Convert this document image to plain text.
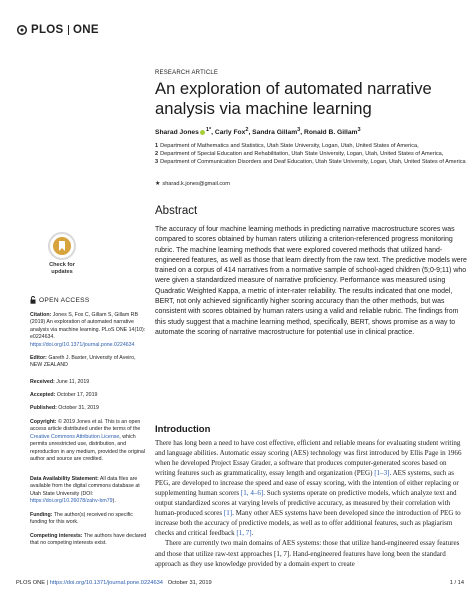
PLOS ONE
RESEARCH ARTICLE
An exploration of automated narrative analysis via machine learning
Sharad Jones $^{1*}$, Carly Fox$^2$, Sandra Gillam$^3$, Ronald B. Gillam$^3$
1 Department of Mathematics and Statistics, Utah State University, Logan, Utah, United States of America,
2 Department of Special Education and Rehabilitation, Utah State University, Logan, Utah, United States of America,
3 Department of Communication Disorders and Deaf Education, Utah State University, Logan, Utah, United States of America
★ sharad.k.jones@gmail.com
Abstract
The accuracy of four machine learning methods in predicting narrative macrostructure scores was compared to scores obtained by human raters utilizing a criterion-referenced progress monitoring rubric. The machine learning methods that were explored covered methods that utilized hand-engineered features, as well as those that learn directly from the raw text. The predictive models were trained on a corpus of 414 narratives from a normative sample of school-aged children (5;0-9;11) who were given a standardized measure of narrative proficiency. Performance was measured using Quadratic Weighted Kappa, a metric of inter-rater reliability. The results indicated that one model, BERT, not only achieved significantly higher scoring accuracy than the other methods, but was consistent with scores obtained by human raters using a valid and reliable rubric. The findings from this study suggest that a machine learning method, specifically, BERT, shows promise as a way to automate the scoring of narrative macrostructure for potential use in clinical practice.
Introduction

There has long been a need to have cost effective, efficient and reliable means for evaluating student writing and language abilities. Automatic essay scoring (AES) technology was first introduced by Ellis Page in 1966 when he developed Project Essay Grader, a software that produces computer-generated scores based on writing features such as grammaticality, essay length and organization (PEG) [1–3]. AES systems, such as PEG, are developed to increase the speed and ease of essay scoring, with the intention of either replacing or supplementing human scorers [1, 4–6]. Such systems operate on predictive models, which analyze text and output standardized scores at varying levels of predictive accuracy, as measured by their correlation with human-produced scores [1]. Many other AES systems have been developed since the introduction of PEG to increase both the accuracy of predictive models, as well as to offer additional features, such as plagiarism checks and critical feedback [1, 7].

There are currently two main domains of AES systems: those that utilize hand-engineered essay features and those that utilize raw-text approaches [1, 7]. Hand-engineered features have long been the standard approach as they use knowledge provided by a domain expert to create

Check for
updates
OPEN ACCESS
Citation: Jones S, Fox C, Gillam S, Gillam RB (2019) An exploration of automated narrative analysis via machine learning. PLoS ONE 14(10): e0224634. https://doi.org/10.1371/journal.pone.0224634
Editor: Gareth J. Baxter, University of Aveiro, NEW ZEALAND
Received: June 11, 2019
Accepted: October 17, 2019
Published: October 31, 2019
Copyright: © 2019 Jones et al. This is an open access article distributed under the terms of the Creative Commons Attribution License, which permits unrestricted use, distribution, and reproduction in any medium, provided the original author and source are credited.
Data Availability Statement: All data files are available from the digital commons database at Utah State University (DOI: https://doi.org/10.26078/zahv-bm79).
Funding: The author(s) received no specific funding for this work.
Competing interests: The authors have declared that no competing interests exist.
PLOS ONE | https://doi.org/10.1371/journal.pone.0224634
October 31, 2019	1 / 14
